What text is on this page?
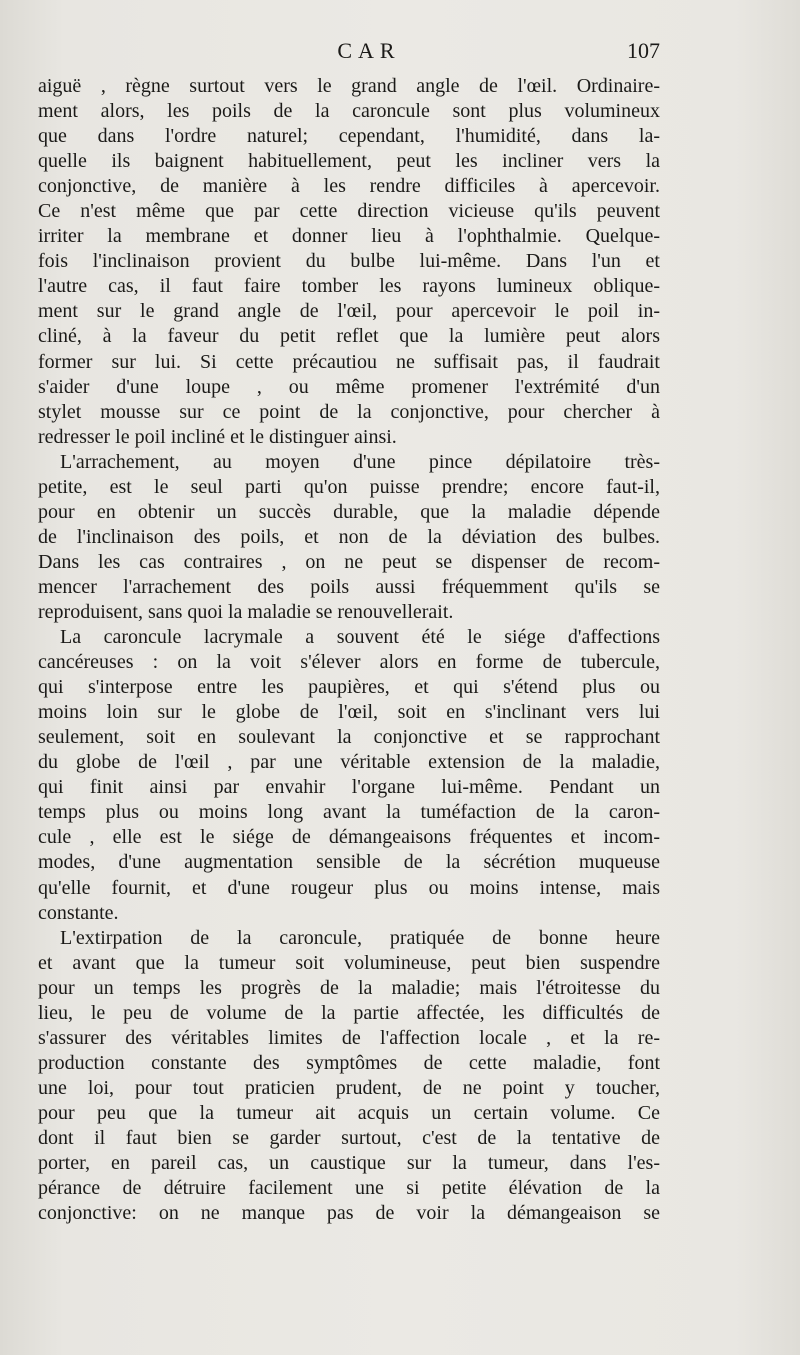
CAR	107
aiguë , règne surtout vers le grand angle de l'œil. Ordinaire-
ment alors, les poils de la caroncule sont plus volumineux
que dans l'ordre naturel; cependant, l'humidité, dans la-
quelle ils baignent habituellement, peut les incliner vers la
conjonctive, de manière à les rendre difficiles à apercevoir.
Ce n'est même que par cette direction vicieuse qu'ils peuvent
irriter la membrane et donner lieu à l'ophthalmie. Quelque-
fois l'inclinaison provient du bulbe lui-même. Dans l'un et
l'autre cas, il faut faire tomber les rayons lumineux oblique-
ment sur le grand angle de l'œil, pour apercevoir le poil in-
cliné, à la faveur du petit reflet que la lumière peut alors
former sur lui. Si cette précautiou ne suffisait pas, il faudrait
s'aider d'une loupe , ou même promener l'extrémité d'un
stylet mousse sur ce point de la conjonctive, pour chercher à
redresser le poil incliné et le distinguer ainsi.
L'arrachement, au moyen d'une pince dépilatoire très-
petite, est le seul parti qu'on puisse prendre; encore faut-il,
pour en obtenir un succès durable, que la maladie dépende
de l'inclinaison des poils, et non de la déviation des bulbes.
Dans les cas contraires , on ne peut se dispenser de recom-
mencer l'arrachement des poils aussi fréquemment qu'ils se
reproduisent, sans quoi la maladie se renouvellerait.
La caroncule lacrymale a souvent été le siége d'affections
cancéreuses : on la voit s'élever alors en forme de tubercule,
qui s'interpose entre les paupières, et qui s'étend plus ou
moins loin sur le globe de l'œil, soit en s'inclinant vers lui
seulement, soit en soulevant la conjonctive et se rapprochant
du globe de l'œil , par une véritable extension de la maladie,
qui finit ainsi par envahir l'organe lui-même. Pendant un
temps plus ou moins long avant la tuméfaction de la caron-
cule , elle est le siége de démangeaisons fréquentes et incom-
modes, d'une augmentation sensible de la sécrétion muqueuse
qu'elle fournit, et d'une rougeur plus ou moins intense, mais
constante.
L'extirpation de la caroncule, pratiquée de bonne heure
et avant que la tumeur soit volumineuse, peut bien suspendre
pour un temps les progrès de la maladie; mais l'étroitesse du
lieu, le peu de volume de la partie affectée, les difficultés de
s'assurer des véritables limites de l'affection locale , et la re-
production constante des symptômes de cette maladie, font
une loi, pour tout praticien prudent, de ne point y toucher,
pour peu que la tumeur ait acquis un certain volume. Ce
dont il faut bien se garder surtout, c'est de la tentative de
porter, en pareil cas, un caustique sur la tumeur, dans l'es-
pérance de détruire facilement une si petite élévation de la
conjonctive: on ne manque pas de voir la démangeaison se
